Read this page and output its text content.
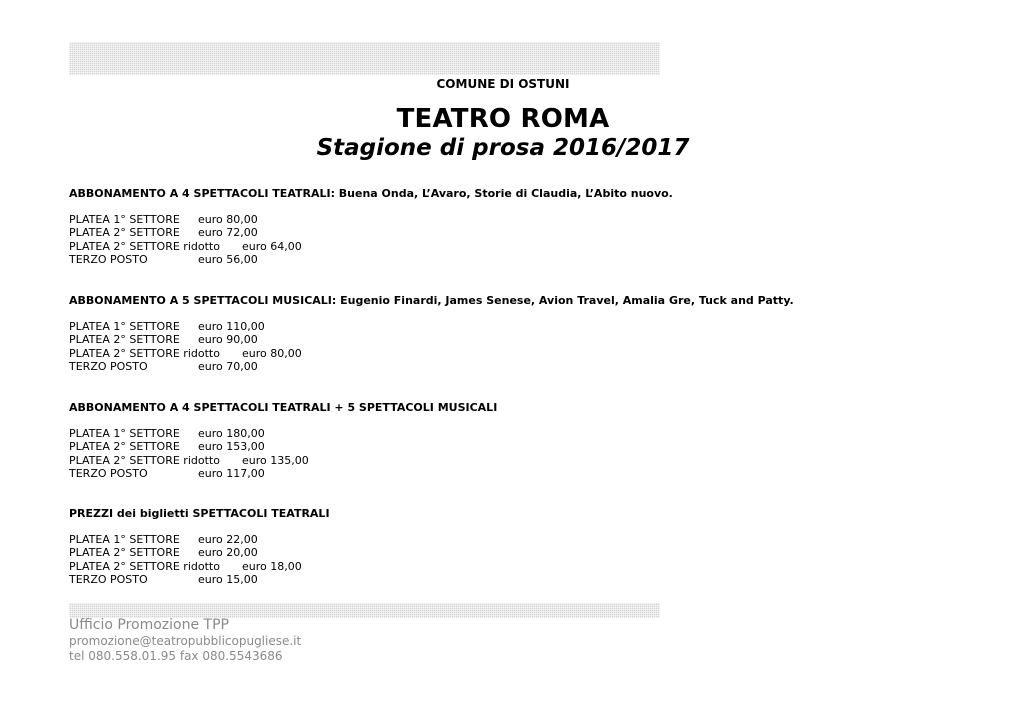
COMUNE DI OSTUNI
TEATRO ROMA
Stagione di prosa 2016/2017
ABBONAMENTO A 4 SPETTACOLI TEATRALI: Buena Onda, L’Avaro, Storie di Claudia, L’Abito nuovo.
PLATEA 1° SETTORE euro 80,00
PLATEA 2° SETTORE euro 72,00
PLATEA 2° SETTORE ridotto euro 64,00
TERZO POSTO	euro 56,00
ABBONAMENTO A 5 SPETTACOLI MUSICALI: Eugenio Finardi, James Senese, Avion Travel, Amalia Gre, Tuck and Patty.
PLATEA 1° SETTORE euro 110,00
PLATEA 2° SETTORE euro 90,00
PLATEA 2° SETTORE ridotto euro 80,00
TERZO POSTO	euro 70,00
ABBONAMENTO A 4 SPETTACOLI TEATRALI + 5 SPETTACOLI MUSICALI
PLATEA 1° SETTORE euro 180,00
PLATEA 2° SETTORE euro 153,00
PLATEA 2° SETTORE ridotto euro 135,00
TERZO POSTO	euro 117,00
PREZZI dei biglietti SPETTACOLI TEATRALI
PLATEA 1° SETTORE euro 22,00
PLATEA 2° SETTORE euro 20,00
PLATEA 2° SETTORE ridotto euro 18,00
TERZO POSTO	euro 15,00
Ufficio Promozione TPP
promozione@teatropubblicopugliese.it
tel 080.558.01.95 fax 080.5543686
